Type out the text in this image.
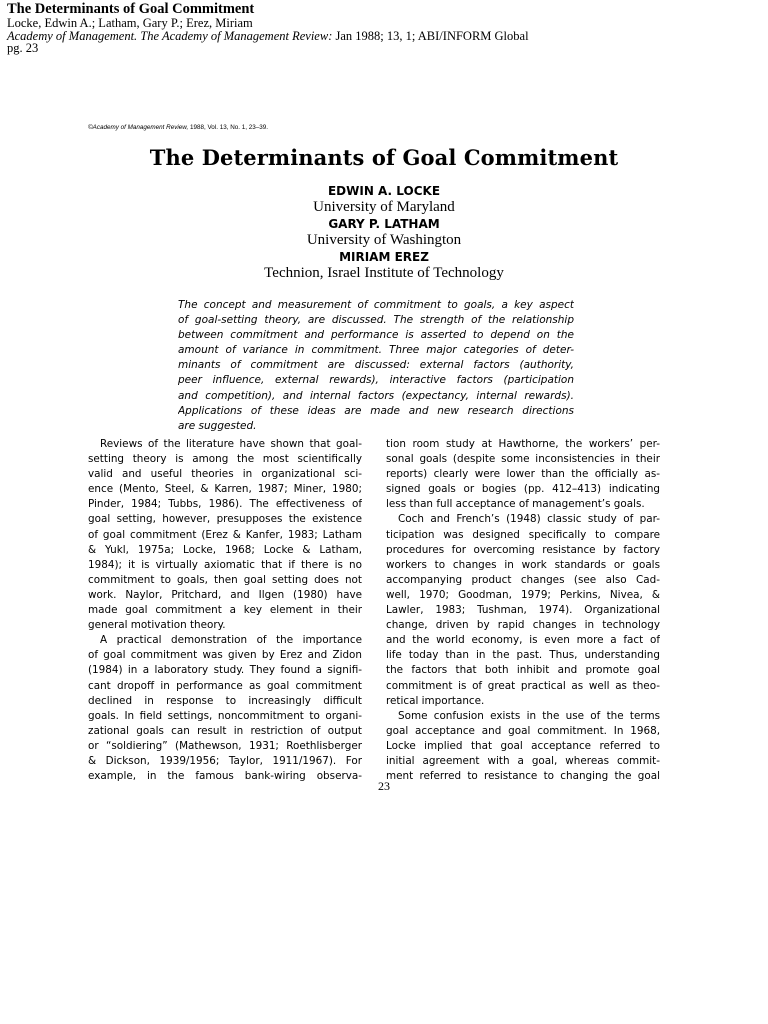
The Determinants of Goal Commitment
Locke, Edwin A.; Latham, Gary P.; Erez, Miriam
Academy of Management. The Academy of Management Review: Jan 1988; 13, 1; ABI/INFORM Global
pg. 23
©Academy of Management Review, 1988, Vol. 13, No. 1, 23–39.
The Determinants of Goal Commitment
EDWIN A. LOCKE
University of Maryland
GARY P. LATHAM
University of Washington
MIRIAM EREZ
Technion, Israel Institute of Technology
The concept and measurement of commitment to goals, a key aspect
of goal-setting theory, are discussed. The strength of the relationship
between commitment and performance is asserted to depend on the
amount of variance in commitment. Three major categories of deter-
minants of commitment are discussed: external factors (authority,
peer influence, external rewards), interactive factors (participation
and competition), and internal factors (expectancy, internal rewards).
Applications of these ideas are made and new research directions
are suggested.
Reviews of the literature have shown that goal-
setting theory is among the most scientifically
valid and useful theories in organizational sci-
ence (Mento, Steel, & Karren, 1987; Miner, 1980;
Pinder, 1984; Tubbs, 1986). The effectiveness of
goal setting, however, presupposes the existence
of goal commitment (Erez & Kanfer, 1983; Latham
& Yukl, 1975a; Locke, 1968; Locke & Latham,
1984); it is virtually axiomatic that if there is no
commitment to goals, then goal setting does not
work. Naylor, Pritchard, and Ilgen (1980) have
made goal commitment a key element in their
general motivation theory.
A practical demonstration of the importance
of goal commitment was given by Erez and Zidon
(1984) in a laboratory study. They found a signifi-
cant dropoff in performance as goal commitment
declined in response to increasingly difficult
goals. In field settings, noncommitment to organi-
zational goals can result in restriction of output
or “soldiering” (Mathewson, 1931; Roethlisberger
& Dickson, 1939/1956; Taylor, 1911/1967). For
example, in the famous bank-wiring observa-
tion room study at Hawthorne, the workers’ per-
sonal goals (despite some inconsistencies in their
reports) clearly were lower than the officially as-
signed goals or bogies (pp. 412–413) indicating
less than full acceptance of management’s goals.
Coch and French’s (1948) classic study of par-
ticipation was designed specifically to compare
procedures for overcoming resistance by factory
workers to changes in work standards or goals
accompanying product changes (see also Cad-
well, 1970; Goodman, 1979; Perkins, Nivea, &
Lawler, 1983; Tushman, 1974). Organizational
change, driven by rapid changes in technology
and the world economy, is even more a fact of
life today than in the past. Thus, understanding
the factors that both inhibit and promote goal
commitment is of great practical as well as theo-
retical importance.
Some confusion exists in the use of the terms
goal acceptance and goal commitment. In 1968,
Locke implied that goal acceptance referred to
initial agreement with a goal, whereas commit-
ment referred to resistance to changing the goal
23
